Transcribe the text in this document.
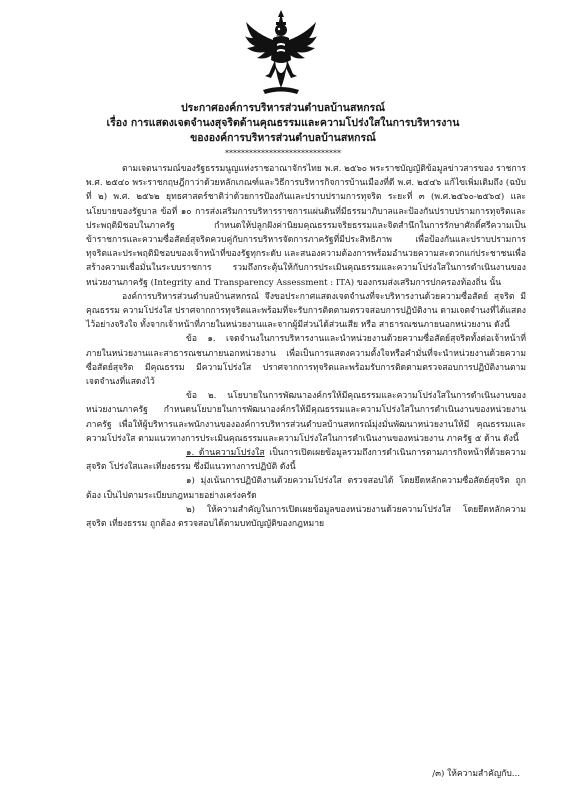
ประกาศองค์การบริหารส่วนตำบลบ้านสหกรณ์
เรื่อง การแสดงเจตจำนงสุจริตด้านคุณธรรมและความโปร่งใสในการบริหารงาน
ขององค์การบริหารส่วนตำบลบ้านสหกรณ์
*****************************

ตามเจตนารมณ์ของรัฐธรรมนูญแห่งราชอาณาจักรไทย พ.ศ. ๒๕๖๐ พระราชบัญญัติข้อมูลข่าวสารของ ราชการ พ.ศ. ๒๕๔๐ พระราชกฤษฎีกาว่าด้วยหลักเกณฑ์และวิธีการบริหารกิจการบ้านเมืองที่ดี พ.ศ. ๒๕๔๖ แก้ไขเพิ่มเติมถึง (ฉบับที่ ๒) พ.ศ. ๒๕๖๒ ยุทธศาสตร์ชาติว่าด้วยการป้องกันและปราบปรามการทุจริต ระยะที่ ๓ (พ.ศ.๒๕๖๐-๒๕๖๔) และนโยบายของรัฐบาล ข้อที่ ๑๐ การส่งเสริมการบริหารราชการแผ่นดินที่มีธรรมาภิบาลและป้องกันปราบปรามการทุจริตและประพฤติมิชอบในภาครัฐ กำหนดให้ปลูกฝังค่านิยมคุณธรรมจริยธรรมและจิตสำนึกในการรักษาศักดิ์ศรีความเป็นข้าราชการและความซื่อสัตย์สุจริตควบคู่กับการบริหารจัดการภาครัฐที่มีประสิทธิภาพ เพื่อป้องกันและปราบปรามการทุจริตและประพฤติมิชอบของเจ้าหน้าที่ของรัฐทุกระดับ และสนองความต้องการพร้อมอำนวยความสะดวกแก่ประชาชนเพื่อสร้างความเชื่อมั่นในระบบราชการ รวมถึงกระตุ้นให้กับการประเมินคุณธรรมและความโปร่งใสในการดำเนินงานของหน่วยงานภาครัฐ (Integrity and Transparency Assessment : ITA) ของกรมส่งเสริมการปกครองท้องถิ่น นั้น

องค์การบริหารส่วนตำบลบ้านสหกรณ์ จึงขอประกาศแสดงเจตจำนงที่จะบริหารงานด้วยความซื่อสัตย์ สุจริต มีคุณธรรม ความโปร่งใส ปราศจากการทุจริตและพร้อมที่จะรับการติดตามตรวจสอบการปฏิบัติงาน ตามเจตจำนงที่ได้แสดงไว้อย่างจริงใจ ทั้งจากเจ้าหน้าที่ภายในหน่วยงานและจากผู้มีส่วนได้ส่วนเสีย หรือ สาธารณชนภายนอกหน่วยงาน ดังนี้

ข้อ ๑. เจตจำนงในการบริหารงานและนำหน่วยงานด้วยความซื่อสัตย์สุจริตทั้งต่อเจ้าหน้าที่ภายในหน่วยงานและสาธารณชนภายนอกหน่วยงาน เพื่อเป็นการแสดงความตั้งใจหรือคำมั่นที่จะนำหน่วยงานด้วยความซื่อสัตย์สุจริต มีคุณธรรม มีความโปร่งใส ปราศจากการทุจริตและพร้อมรับการติดตามตรวจสอบการปฏิบัติงานตามเจตจำนงที่แสดงไว้

ข้อ ๒. นโยบายในการพัฒนาองค์กรให้มีคุณธรรมและความโปร่งใสในการดำเนินงานของหน่วยงานภาครัฐ กำหนดนโยบายในการพัฒนาองค์กรให้มีคุณธรรมและความโปร่งใสในการดำเนินงานของหน่วยงานภาครัฐ เพื่อให้ผู้บริหารและพนักงานขององค์การบริหารส่วนตำบลบ้านสหกรณ์มุ่งมั่นพัฒนาหน่วยงานให้มี คุณธรรมและความโปร่งใส ตามแนวทางการประเมินคุณธรรมและความโปร่งใสในการดำเนินงานของหน่วยงาน ภาครัฐ ๕ ด้าน ดังนี้

๑. ด้านความโปร่งใส เป็นการเปิดเผยข้อมูลรวมถึงการดำเนินการตามภารกิจหน้าที่ด้วยความสุจริต โปร่งใสและเที่ยงธรรม ซึ่งมีแนวทางการปฏิบัติ ดังนี้

๑) มุ่งเน้นการปฏิบัติงานด้วยความโปร่งใส ตรวจสอบได้ โดยยึดหลักความซื่อสัตย์สุจริต ถูกต้อง เป็นไปตามระเบียบกฎหมายอย่างเคร่งครัด

๒) ให้ความสำคัญในการเปิดเผยข้อมูลของหน่วยงานด้วยความโปร่งใส โดยยึดหลักความสุจริต เที่ยงธรรม ถูกต้อง ตรวจสอบได้ตามบทบัญญัติของกฎหมาย

/๓) ให้ความสำคัญกับ...
